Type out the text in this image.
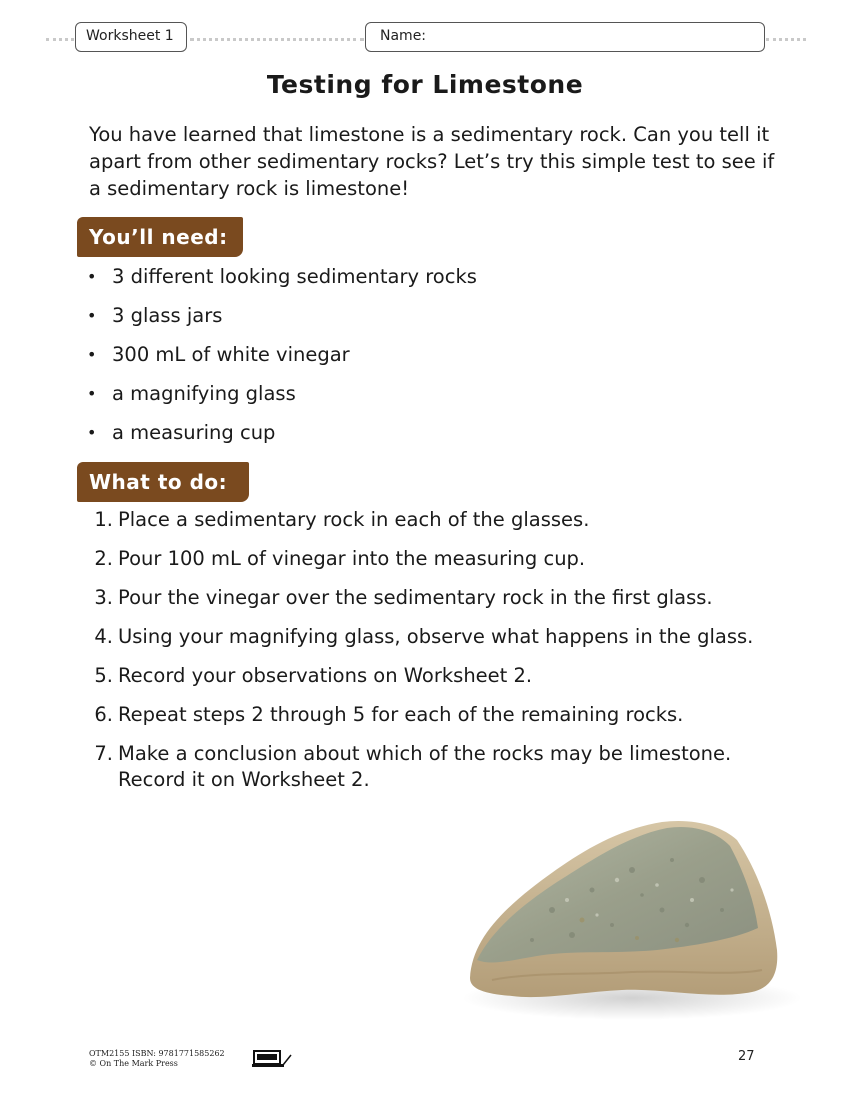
Worksheet 1	Name:
Testing for Limestone

You have learned that limestone is a sedimentary rock. Can you tell it apart from other sedimentary rocks? Let’s try this simple test to see if a sedimentary rock is limestone!

You’ll need:
• 3 different looking sedimentary rocks
• 3 glass jars
• 300 mL of white vinegar
• a magnifying glass
• a measuring cup
What to do:
1. Place a sedimentary rock in each of the glasses.
2. Pour 100 mL of vinegar into the measuring cup.
3. Pour the vinegar over the sedimentary rock in the first glass.
4. Using your magnifying glass, observe what happens in the glass.
5. Record your observations on Worksheet 2.
6. Repeat steps 2 through 5 for each of the remaining rocks.
7. Make a conclusion about which of the rocks may be limestone. Record it on Worksheet 2.
OTM2155 ISBN: 9781771585262
© On The Mark Press	27
